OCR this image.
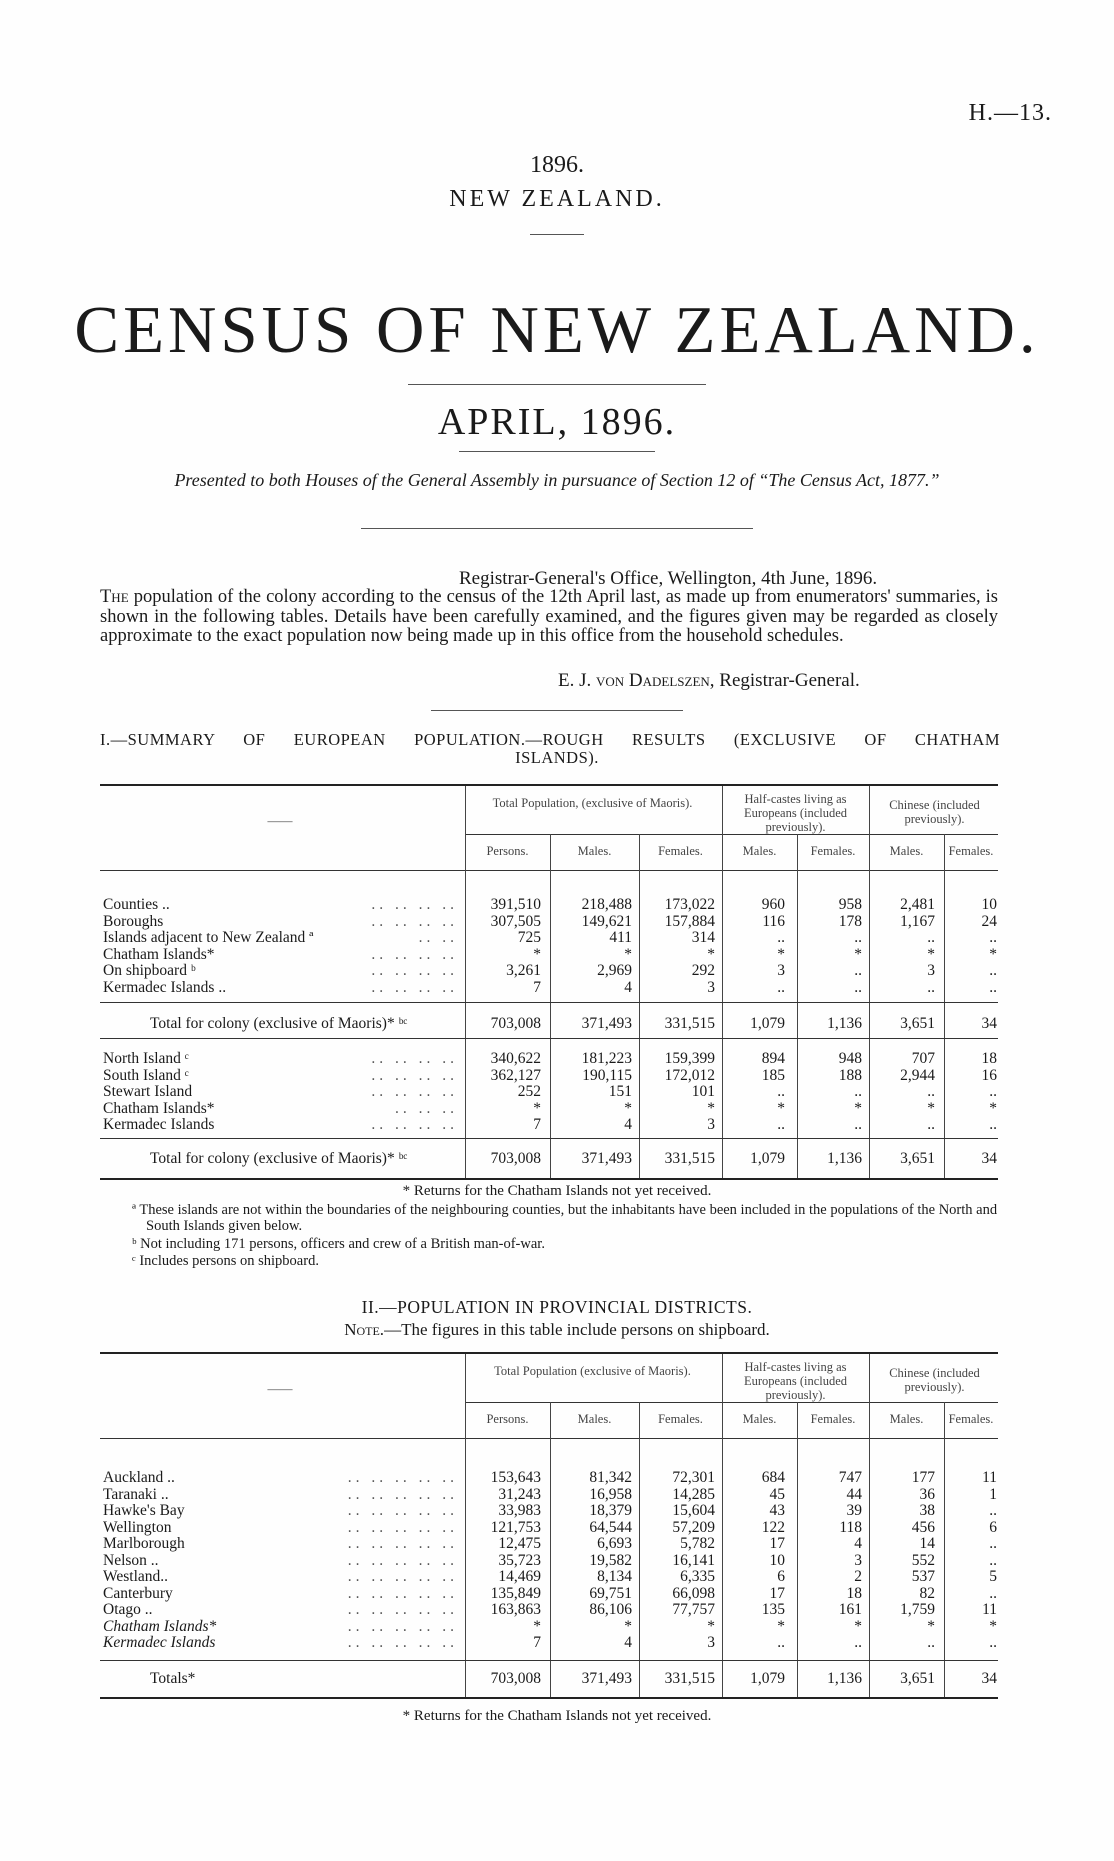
H.—13.
1896.
NEW ZEALAND.
CENSUS OF NEW ZEALAND.
APRIL, 1896.
Presented to both Houses of the General Assembly in pursuance of Section 12 of “The Census Act, 1877.”
Registrar-General's Office, Wellington, 4th June, 1896.
The population of the colony according to the census of the 12th April last, as made up from enumerators' summaries, is shown in the following tables. Details have been carefully examined, and the figures given may be regarded as closely approximate to the exact population now being made up in this office from the household schedules.
E. J. von Dadelszen, Registrar-General.
I.—SUMMARY OF EUROPEAN POPULATION.—ROUGH RESULTS (EXCLUSIVE OF CHATHAM
ISLANDS).
Total Population, (exclusive of Maoris).	Half-castes living as Europeans (included previously).
Chinese (included previously).
——
Persons.	Males.	Females.	Males.	Females.	Males.	Females.
Counties ..	.. .. .. ..	391,510	218,488	173,022	960	958	2,481	10
Boroughs	.. .. .. ..	307,505	149,621	157,884	116	178	1,167	24
Islands adjacent to New Zealand ª	.. ..	725	411	314	..	..	..	..
Chatham Islands*	.. .. .. ..	*	*	*	*	*	*	*
On shipboard ᵇ	.. .. .. ..	3,261	2,969	292	3	..	3	..
Kermadec Islands ..	.. .. .. ..	7	4	3	..	..	..	..
Total for colony (exclusive of Maoris)* ᵇᶜ	703,008	371,493	331,515	1,079	1,136	3,651	34
North Island ᶜ	.. .. .. ..	340,622	181,223	159,399	894	948	707	18
South Island ᶜ	.. .. .. ..	362,127	190,115	172,012	185	188	2,944	16
Stewart Island	.. .. .. ..	252	151	101	..	..	..	..
Chatham Islands*	.. .. ..	*	*	*	*	*	*	*
Kermadec Islands	.. .. .. ..	7	4	3	..	..	..	..
Total for colony (exclusive of Maoris)* ᵇᶜ	703,008	371,493	331,515	1,079	1,136	3,651	34
* Returns for the Chatham Islands not yet received.
ª These islands are not within the boundaries of the neighbouring counties, but the inhabitants have been included in the populations of the North and South Islands given below.
ᵇ Not including 171 persons, officers and crew of a British man-of-war.
ᶜ Includes persons on shipboard.
II.—POPULATION IN PROVINCIAL DISTRICTS.
Note.—The figures in this table include persons on shipboard.
Total Population (exclusive of Maoris).	Half-castes living as Europeans (included previously).
Chinese (included previously).
——
Persons.	Males.	Females.	Males.	Females.	Males.	Females.
Auckland ..	.. .. .. .. ..	153,643	81,342	72,301	684	747	177	11
Taranaki ..	.. .. .. .. ..	31,243	16,958	14,285	45	44	36	1
Hawke's Bay	.. .. .. .. ..	33,983	18,379	15,604	43	39	38	..
Wellington	.. .. .. .. ..	121,753	64,544	57,209	122	118	456	6
Marlborough	.. .. .. .. ..	12,475	6,693	5,782	17	4	14	..
Nelson ..	.. .. .. .. ..	35,723	19,582	16,141	10	3	552	..
Westland..	.. .. .. .. ..	14,469	8,134	6,335	6	2	537	5
Canterbury	.. .. .. .. ..	135,849	69,751	66,098	17	18	82	..
Otago ..	.. .. .. .. ..	163,863	86,106	77,757	135	161	1,759	11
Chatham Islands*	.. .. .. .. ..	*	*	*	*	*	*	*
Kermadec Islands	.. .. .. .. ..	7	4	3	..	..	..	..
Totals*	703,008	371,493	331,515	1,079	1,136	3,651	34
* Returns for the Chatham Islands not yet received.
